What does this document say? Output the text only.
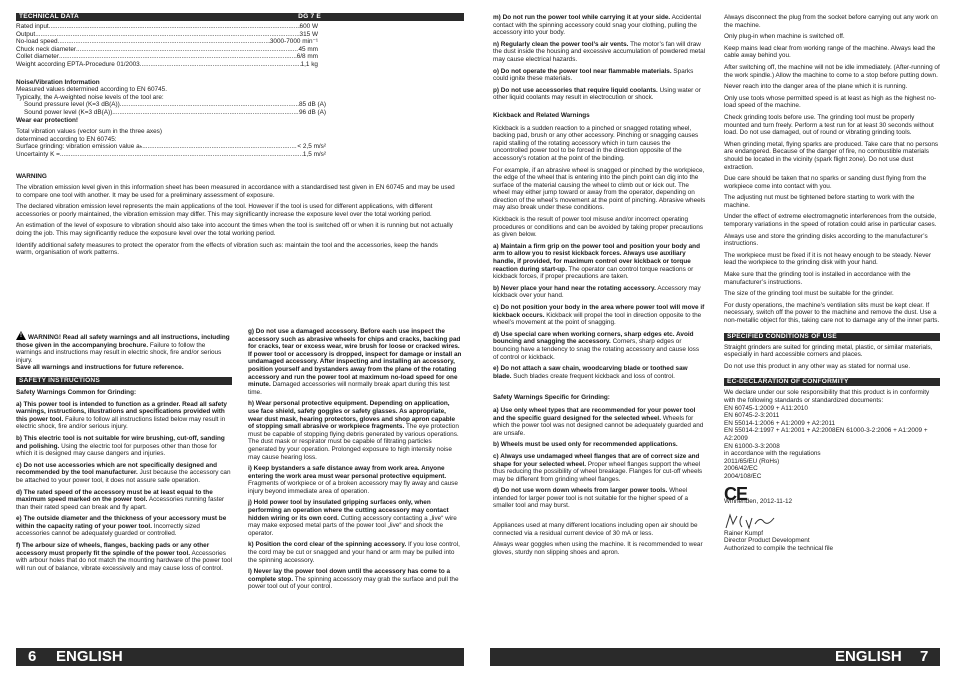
TECHNICAL DATA	DG 7 E
Rated input .....	600 W
Output .....	315 W
No-load speed .....	3000-7000 min⁻¹
Chuck neck diameter .....	45 mm
Collet diameter .....	6/8 mm
Weight according EPTA-Procedure 01/2003 .....	1,1 kg
Noise/Vibration Information
Measured values determined according to EN 60745.
Typically, the A-weighted noise levels of the tool are:
Sound pressure level (K=3 dB(A)) .....	85 dB (A)
Sound power level (K=3 dB(A)) .....	96 dB (A)
Wear ear protection!
Total vibration values (vector sum in the three axes)
determined according to EN 60745:
Surface grinding: vibration emission value aₕ .....	< 2,5 m/s²
Uncertainty K = .....	1,5 m/s²
WARNING

The vibration emission level given in this information sheet has been measured in accordance with a standardised test given in EN 60745 and may be used to compare one tool with another. It may be used for a preliminary assessment of exposure.

The declared vibration emission level represents the main applications of the tool. However if the tool is used for different applications, with different accessories or poorly maintained, the vibration emission may differ. This may significantly increase the exposure level over the total working period.

An estimation of the level of exposure to vibration should also take into account the times when the tool is switched off or when it is running but not actually doing the job. This may significantly reduce the exposure level over the total working period.

Identify additional safety measures to protect the operator from the effects of vibration such as: maintain the tool and the accessories, keep the hands warm, organisation of work patterns.

! WARNING! Read all safety warnings and all instructions, including those given in the accompanying brochure. Failure to follow the warnings and instructions may result in electric shock, fire and/or serious injury.
Save all warnings and instructions for future reference.

SAFETY INSTRUCTIONS
Safety Warnings Common for Grinding:

a) This power tool is intended to function as a grinder. Read all safety warnings, instructions, illustrations and specifications provided with this power tool. Failure to follow all instructions listed below may result in electric shock, fire and/or serious injury.

b) This electric tool is not suitable for wire brushing, cut-off, sanding and polishing. Using the electric tool for purposes other than those for which it is designed may cause dangers and injuries.

c) Do not use accessories which are not specifically designed and recommended by the tool manufacturer. Just because the accessory can be attached to your power tool, it does not assure safe operation.

d) The rated speed of the accessory must be at least equal to the maximum speed marked on the power tool. Accessories running faster than their rated speed can break and fly apart.

e) The outside diameter and the thickness of your accessory must be within the capacity rating of your power tool. Incorrectly sized accessories cannot be adequately guarded or controlled.

f) The arbour size of wheels, flanges, backing pads or any other accessory must properly fit the spindle of the power tool. Accessories with arbour holes that do not match the mounting hardware of the power tool will run out of balance, vibrate excessively and may cause loss of control.

g) Do not use a damaged accessory. Before each use inspect the accessory such as abrasive wheels for chips and cracks, backing pad for cracks, tear or excess wear, wire brush for loose or cracked wires. If power tool or accessory is dropped, inspect for damage or install an undamaged accessory. After inspecting and installing an accessory, position yourself and bystanders away from the plane of the rotating accessory and run the power tool at maximum no-load speed for one minute. Damaged accessories will normally break apart during this test time.

h) Wear personal protective equipment. Depending on application, use face shield, safety goggles or safety glasses. As appropriate, wear dust mask, hearing protectors, gloves and shop apron capable of stopping small abrasive or workpiece fragments. The eye protection must be capable of stopping flying debris generated by various operations. The dust mask or respirator must be capable of filtrating particles generated by your operation. Prolonged exposure to high intensity noise may cause hearing loss.

i) Keep bystanders a safe distance away from work area. Anyone entering the work area must wear personal protective equipment. Fragments of workpiece or of a broken accessory may fly away and cause injury beyond immediate area of operation.

j) Hold power tool by insulated gripping surfaces only, when performing an operation where the cutting accessory may contact hidden wiring or its own cord. Cutting accessory contacting a „live“ wire may make exposed metal parts of the power tool „live“ and shock the operator.

k) Position the cord clear of the spinning accessory. If you lose control, the cord may be cut or snagged and your hand or arm may be pulled into the spinning accessory.

l) Never lay the power tool down until the accessory has come to a complete stop. The spinning accessory may grab the surface and pull the power tool out of your control.

m) Do not run the power tool while carrying it at your side. Accidental contact with the spinning accessory could snag your clothing, pulling the accessory into your body.

n) Regularly clean the power tool’s air vents. The motor’s fan will draw the dust inside the housing and excessive accumulation of powdered metal may cause electrical hazards.

o) Do not operate the power tool near flammable materials. Sparks could ignite these materials.

p) Do not use accessories that require liquid coolants. Using water or other liquid coolants may result in electrocution or shock.

Kickback and Related Warnings

Kickback is a sudden reaction to a pinched or snagged rotating wheel, backing pad, brush or any other accessory. Pinching or snagging causes rapid stalling of the rotating accessory which in turn causes the uncontrolled power tool to be forced in the direction opposite of the accessory’s rotation at the point of the binding.

For example, if an abrasive wheel is snagged or pinched by the workpiece, the edge of the wheel that is entering into the pinch point can dig into the surface of the material causing the wheel to climb out or kick out. The wheel may either jump toward or away from the operator, depending on direction of the wheel’s movement at the point of pinching. Abrasive wheels may also break under these conditions.

Kickback is the result of power tool misuse and/or incorrect operating procedures or conditions and can be avoided by taking proper precautions as given below.

a) Maintain a firm grip on the power tool and position your body and arm to allow you to resist kickback forces. Always use auxiliary handle, if provided, for maximum control over kickback or torque reaction during start-up. The operator can control torque reactions or kickback forces, if proper precautions are taken.

b) Never place your hand near the rotating accessory. Accessory may kickback over your hand.

c) Do not position your body in the area where power tool will move if kickback occurs. Kickback will propel the tool in direction opposite to the wheel’s movement at the point of snagging.

d) Use special care when working corners, sharp edges etc. Avoid bouncing and snagging the accessory. Corners, sharp edges or bouncing have a tendency to snag the rotating accessory and cause loss of control or kickback.

e) Do not attach a saw chain, woodcarving blade or toothed saw blade. Such blades create frequent kickback and loss of control.

Safety Warnings Specific for Grinding:

a) Use only wheel types that are recommended for your power tool and the specific guard designed for the selected wheel. Wheels for which the power tool was not designed cannot be adequately guarded and are unsafe.

b) Wheels must be used only for recommended applications.

c) Always use undamaged wheel flanges that are of correct size and shape for your selected wheel. Proper wheel flanges support the wheel thus reducing the possibility of wheel breakage. Flanges for cut-off wheels may be different from grinding wheel flanges.

d) Do not use worn down wheels from larger power tools. Wheel intended for larger power tool is not suitable for the higher speed of a smaller tool and may burst.

Appliances used at many different locations including open air should be connected via a residual current device of 30 mA or less.

Always wear goggles when using the machine. It is recommended to wear gloves, sturdy non slipping shoes and apron.

Always disconnect the plug from the socket before carrying out any work on the machine.

Only plug-in when machine is switched off.

Keep mains lead clear from working range of the machine. Always lead the cable away behind you.

After switching off, the machine will not be idle immediately. (After-running of the work spindle.) Allow the machine to come to a stop before putting down.

Never reach into the danger area of the plane which it is running.

Only use tools whose permitted speed is at least as high as the highest no-load speed of the machine.

Check grinding tools before use. The grinding tool must be properly mounted and turn freely. Perform a test run for at least 30 seconds without load. Do not use damaged, out of round or vibrating grinding tools.

When grinding metal, flying sparks are produced. Take care that no persons are endangered. Because of the danger of fire, no combustible materials should be located in the vicinity (spark flight zone). Do not use dust extraction.

Due care should be taken that no sparks or sanding dust flying from the workpiece come into contact with you.

The adjusting nut must be tightened before starting to work with the machine.

Under the effect of extreme electromagnetic interferences from the outside, temporary variations in the speed of rotation could arise in particular cases.

Always use and store the grinding disks according to the manufacturer’s instructions.

The workpiece must be fixed if it is not heavy enough to be steady. Never lead the workpiece to the grinding disk with your hand.

Make sure that the grinding tool is installed in accordance with the manufacturer’s instructions.

The size of the grinding tool must be suitable for the grinder.

For dusty operations, the machine’s ventilation slits must be kept clear. If necessary, switch off the power to the machine and remove the dust. Use a non-metallic object for this, taking care not to damage any of the inner parts.

SPECIFIED CONDITIONS OF USE

Straight grinders are suited for grinding metal, plastic, or similar materials, especially in hard accessible corners and places.

Do not use this product in any other way as stated for normal use.

EC-DECLARATION OF CONFORMITY
We declare under our sole responsibility that this product is in conformity with the following standards or standardized documents:
EN 60745-1:2009 + A11:2010
EN 60745-2-3:2011
EN 55014-1:2006 + A1:2009 + A2:2011
EN 55014-2:1997 + A1:2001 + A2:2008EN 61000-3-2:2006 + A1:2009 + A2:2009
EN 61000-3-3:2008
in accordance with the regulations
2011/65/EU (RoHs)
2006/42/EC
2004/108/EC
CE
Winnenden, 2012-11-12
R. Kumpf
Rainer Kumpf
Director Product Development
Authorized to compile the technical file
6 ENGLISH	ENGLISH 7
